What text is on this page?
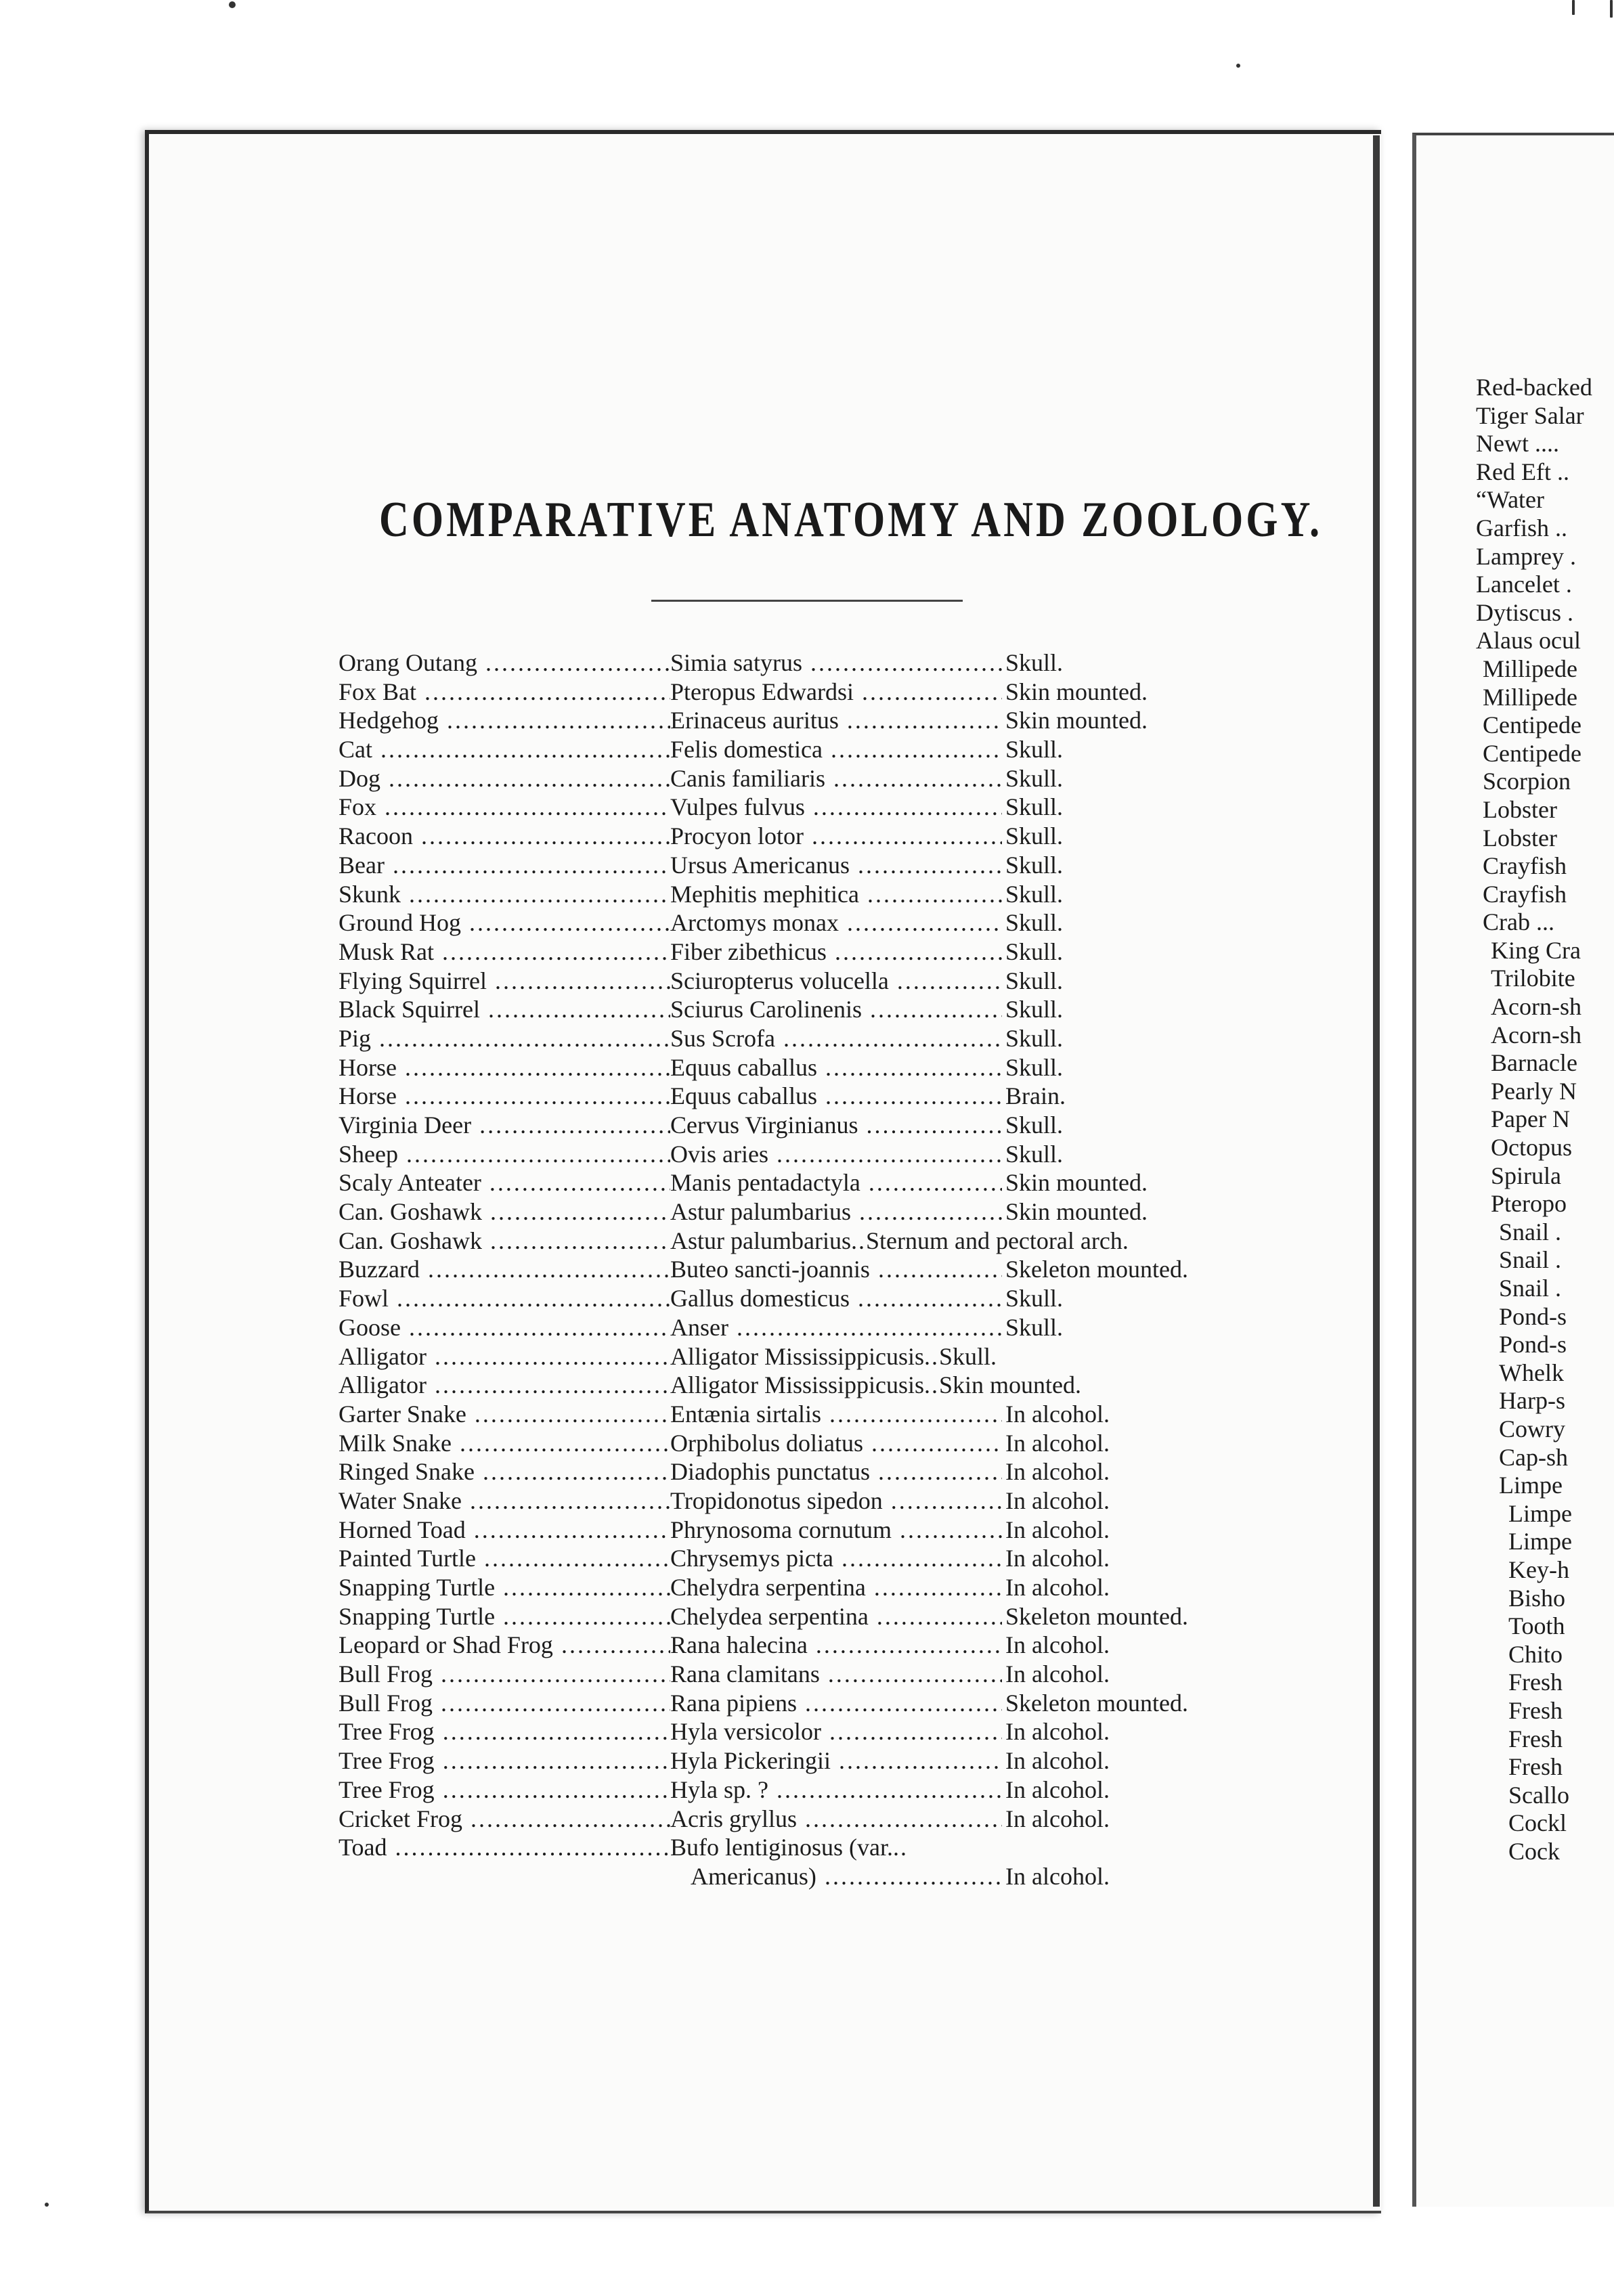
COMPARATIVE ANATOMY AND ZOOLOGY.
Orang Outang .....	Simia satyrus .....	Skull.
Fox Bat .....	Pteropus Edwardsi .....	Skin mounted.
Hedgehog .....	Erinaceus auritus .....	Skin mounted.
Cat .....	Felis domestica .....	Skull.
Dog .....	Canis familiaris .....	Skull.
Fox .....	Vulpes fulvus .....	Skull.
Racoon .....	Procyon lotor .....	Skull.
Bear .....	Ursus Americanus .....	Skull.
Skunk .....	Mephitis mephitica .....	Skull.
Ground Hog .....	Arctomys monax .....	Skull.
Musk Rat .....	Fiber zibethicus .....	Skull.
Flying Squirrel .....	Sciuropterus volucella .....	Skull.
Black Squirrel .....	Sciurus Carolinenis .....	Skull.
Pig .....	Sus Scrofa .....	Skull.
Horse .....	Equus caballus .....	Skull.
Horse .....	Equus caballus .....	Brain.
Virginia Deer .....	Cervus Virginianus .....	Skull.
Sheep .....	Ovis aries .....	Skull.
Scaly Anteater .....	Manis pentadactyla .....	Skin mounted.
Can. Goshawk .....	Astur palumbarius .....	Skin mounted.
Can. Goshawk .....	Astur palumbarius .. Sternum and pectoral arch.
Buzzard .....	Buteo sancti-joannis .....	Skeleton mounted.
Fowl .....	Gallus domesticus .....	Skull.
Goose .....	Anser .....	Skull.
Alligator .....	Alligator Mississippicusis .. Skull.
Alligator .....	Alligator Mississippicusis .. Skin mounted.
Garter Snake .....	Entænia sirtalis .....	In alcohol.
Milk Snake .....	Orphibolus doliatus .....	In alcohol.
Ringed Snake .....	Diadophis punctatus .....	In alcohol.
Water Snake .....	Tropidonotus sipedon .....	In alcohol.
Horned Toad .....	Phrynosoma cornutum .....	In alcohol.
Painted Turtle .....	Chrysemys picta .....	In alcohol.
Snapping Turtle .....	Chelydra serpentina .....	In alcohol.
Snapping Turtle .....	Chelydea serpentina .....	Skeleton mounted.
Leopard or Shad Frog .....	Rana halecina .....	In alcohol.
Bull Frog .....	Rana clamitans .....	In alcohol.
Bull Frog .....	Rana pipiens .....	Skeleton mounted.
Tree Frog .....	Hyla versicolor .....	In alcohol.
Tree Frog .....	Hyla Pickeringii .....	In alcohol.
Tree Frog .....	Hyla sp. ? .....	In alcohol.
Cricket Frog .....	Acris gryllus .....	In alcohol.
Toad .....	Bufo lentiginosus (var. ..
Americanus) .....	In alcohol.
Red-backed
Tiger Salar
Newt ....
Red Eft ..
“Water
Garfish ..
Lamprey .
Lancelet .
Dytiscus .
Alaus ocul
Millipede
Millipede
Centipede
Centipede
Scorpion
Lobster
Lobster
Crayfish
Crayfish
Crab ...
King Cra
Trilobite
Acorn-sh
Acorn-sh
Barnacle
Pearly N
Paper N
Octopus
Spirula
Pteropo
Snail .
Snail .
Snail .
Pond-s
Pond-s
Whelk
Harp-s
Cowry
Cap-sh
Limpe
Limpe
Limpe
Key-h
Bisho
Tooth
Chito
Fresh
Fresh
Fresh
Fresh
Scallo
Cockl
Cock
